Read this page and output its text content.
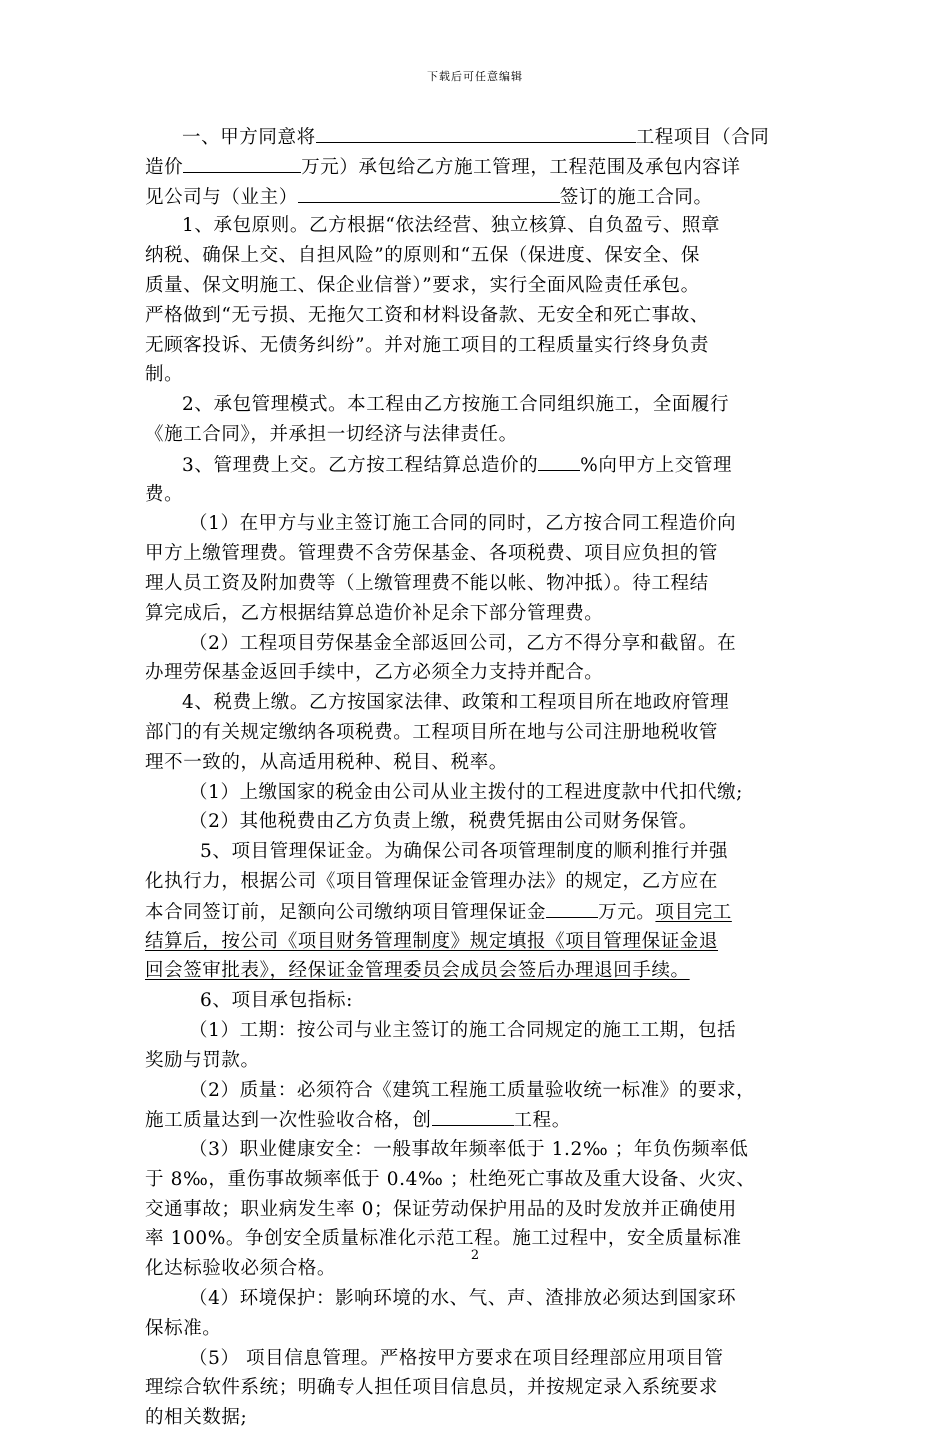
下载后可任意编辑
一、甲方同意将	工程项目（合同
造价	万元）承包给乙方施工管理，工程范围及承包内容详
见公司与（业主）	签订的施工合同。
1、承包原则。乙方根据“依法经营、独立核算、自负盈亏、照章
纳税、确保上交、自担风险”的原则和“五保（保进度、保安全、保
质量、保文明施工、保企业信誉）”要求，实行全面风险责任承包。
严格做到“无亏损、无拖欠工资和材料设备款、无安全和死亡事故、
无顾客投诉、无债务纠纷”。并对施工项目的工程质量实行终身负责
制。
2、承包管理模式。本工程由乙方按施工合同组织施工，全面履行
《施工合同》，并承担一切经济与法律责任。
3、管理费上交。乙方按工程结算总造价的 %向甲方上交管理
费。
（1）在甲方与业主签订施工合同的同时，乙方按合同工程造价向
甲方上缴管理费。管理费不含劳保基金、各项税费、项目应负担的管
理人员工资及附加费等（上缴管理费不能以帐、物冲抵）。待工程结
算完成后，乙方根据结算总造价补足余下部分管理费。
（2）工程项目劳保基金全部返回公司，乙方不得分享和截留。在
办理劳保基金返回手续中，乙方必须全力支持并配合。
4、税费上缴。乙方按国家法律、政策和工程项目所在地政府管理
部门的有关规定缴纳各项税费。工程项目所在地与公司注册地税收管
理不一致的，从高适用税种、税目、税率。
（1）上缴国家的税金由公司从业主拨付的工程进度款中代扣代缴;
（2）其他税费由乙方负责上缴，税费凭据由公司财务保管。
5、项目管理保证金。为确保公司各项管理制度的顺利推行并强
化执行力，根据公司《项目管理保证金管理办法》的规定，乙方应在
本合同签订前，足额向公司缴纳项目管理保证金	万元。项目完工
结算后，按公司《项目财务管理制度》规定填报《项目管理保证金退
回会签审批表》，经保证金管理委员会成员会签后办理退回手续。
6、项目承包指标:
（1）工期：按公司与业主签订的施工合同规定的施工工期，包括
奖励与罚款。
（2）质量：必须符合《建筑工程施工质量验收统一标准》的要求，
施工质量达到一次性验收合格，创	工程。
（3）职业健康安全：一般事故年频率低于 1.2‰ ；年负伤频率低
于 8‰，重伤事故频率低于 0.4‰ ；杜绝死亡事故及重大设备、火灾、
交通事故；职业病发生率 0；保证劳动保护用品的及时发放并正确使用
率 100%。争创安全质量标准化示范工程。施工过程中，安全质量标准
化达标验收必须合格。
（4）环境保护：影响环境的水、气、声、渣排放必须达到国家环
保标准。
（5） 项目信息管理。严格按甲方要求在项目经理部应用项目管
理综合软件系统；明确专人担任项目信息员，并按规定录入系统要求
的相关数据;
2
